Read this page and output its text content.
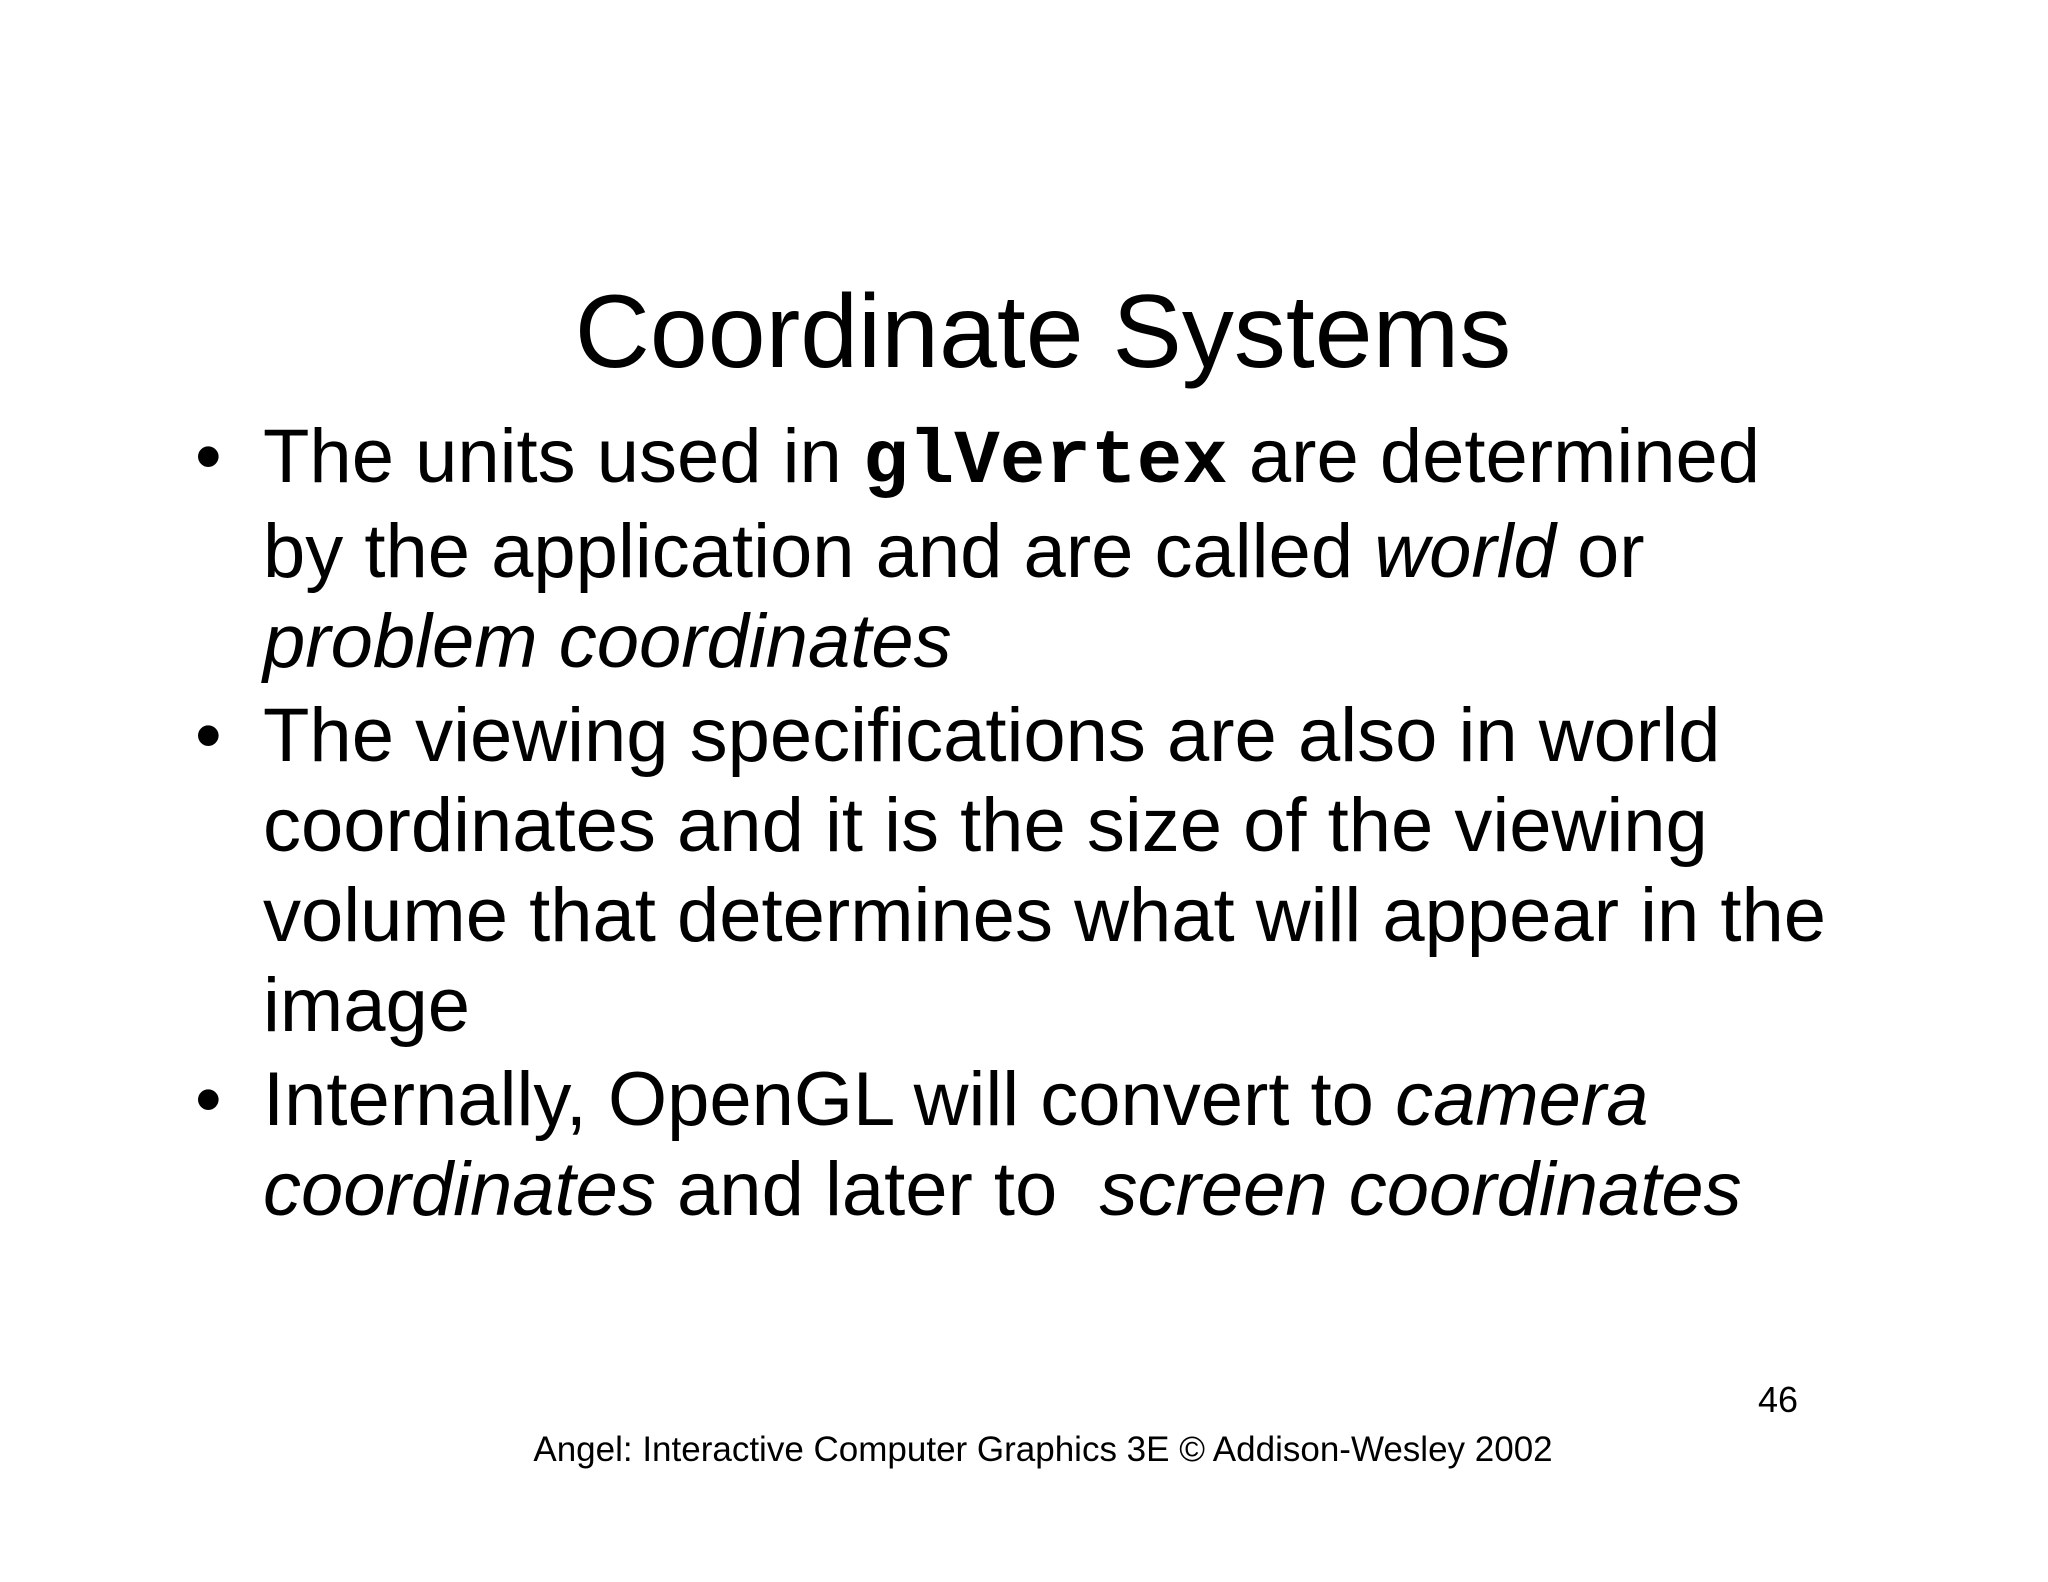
Coordinate Systems
• The units used in glVertex are determined by the application and are called world or problem coordinates
• The viewing specifications are also in world coordinates and it is the size of the viewing volume that determines what will appear in the image
• Internally, OpenGL will convert to camera coordinates and later to  screen coordinates
46
Angel: Interactive Computer Graphics 3E © Addison-Wesley 2002
